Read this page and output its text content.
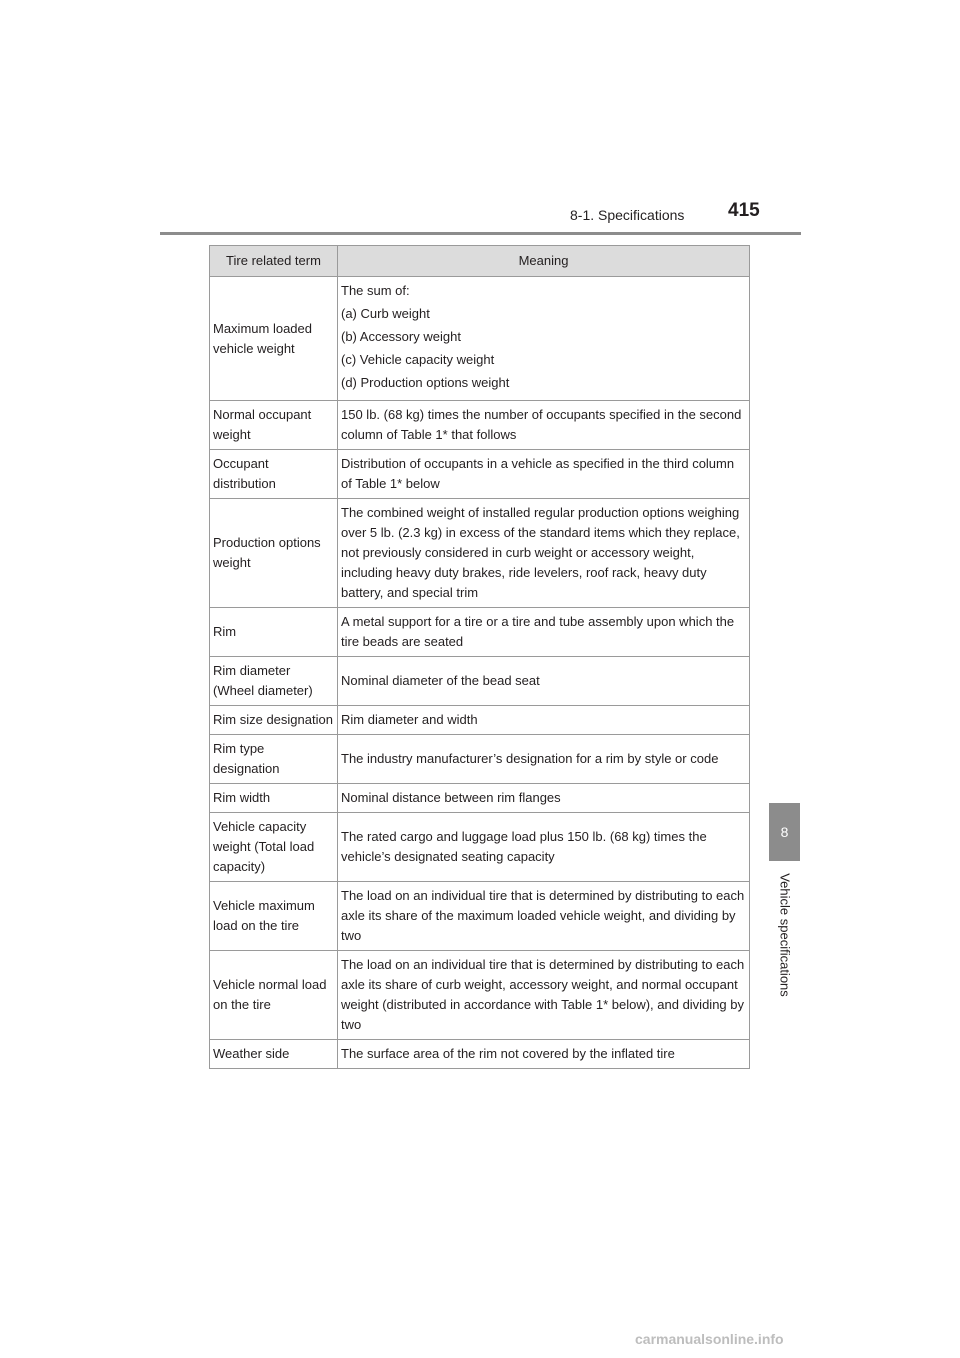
8-1. Specifications 415
8
Vehicle specifications
Tire related term	Meaning
Maximum loaded vehicle weight	The sum of:
(a) Curb weight
(b) Accessory weight
(c) Vehicle capacity weight
(d) Production options weight

Normal occupant weight	150 lb. (68 kg) times the number of occupants specified in the second column of Table 1* that follows
Occupant distribution	Distribution of occupants in a vehicle as specified in the third column of Table 1* below
Production options weight	The combined weight of installed regular production options weighing over 5 lb. (2.3 kg) in excess of the standard items which they replace, not previously considered in curb weight or accessory weight, including heavy duty brakes, ride levelers, roof rack, heavy duty battery, and special trim
Rim	A metal support for a tire or a tire and tube assembly upon which the tire beads are seated
Rim diameter (Wheel diameter)	Nominal diameter of the bead seat
Rim size designation	Rim diameter and width
Rim type designation	The industry manufacturer’s designation for a rim by style or code
Rim width	Nominal distance between rim flanges
Vehicle capacity weight (Total load capacity)	The rated cargo and luggage load plus 150 lb. (68 kg) times the vehicle’s designated seating capacity
Vehicle maximum load on the tire	The load on an individual tire that is determined by distributing to each axle its share of the maximum loaded vehicle weight, and dividing by two
Vehicle normal load on the tire	The load on an individual tire that is determined by distributing to each axle its share of curb weight, accessory weight, and normal occupant weight (distributed in accordance with Table 1* below), and dividing by two
Weather side	The surface area of the rim not covered by the inflated tire
carmanualsonline.info
